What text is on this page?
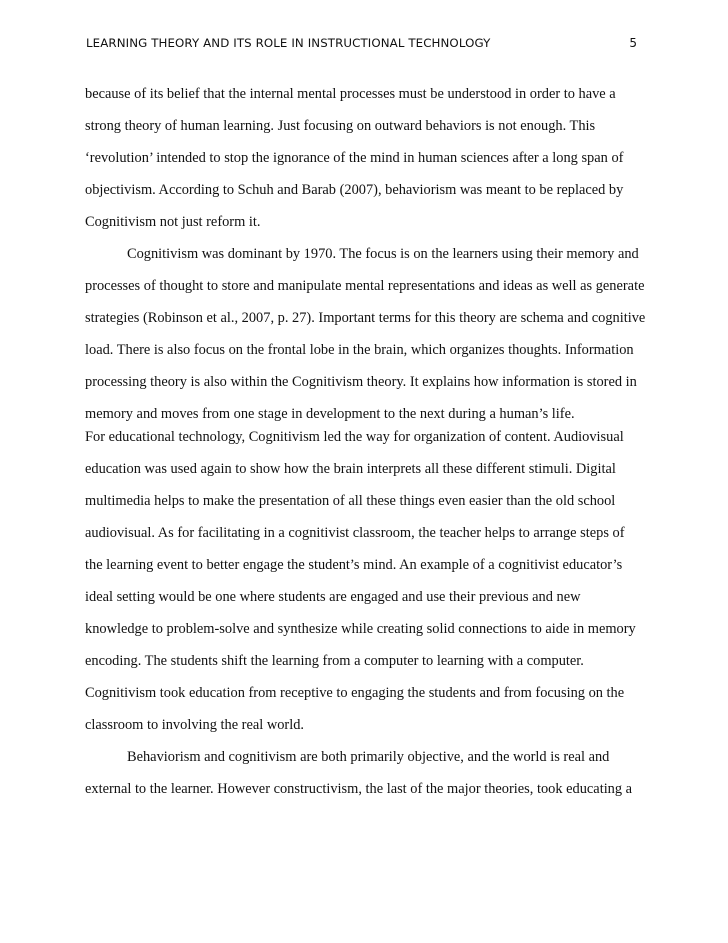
LEARNING THEORY AND ITS ROLE IN INSTRUCTIONAL TECHNOLOGY	5
because of its belief that the internal mental processes must be understood in order to have a
strong theory of human learning. Just focusing on outward behaviors is not enough. This
‘revolution’ intended to stop the ignorance of the mind in human sciences after a long span of
objectivism. According to Schuh and Barab (2007), behaviorism was meant to be replaced by
Cognitivism not just reform it.
Cognitivism was dominant by 1970. The focus is on the learners using their memory and
processes of thought to store and manipulate mental representations and ideas as well as generate
strategies (Robinson et al., 2007, p. 27). Important terms for this theory are schema and cognitive
load. There is also focus on the frontal lobe in the brain, which organizes thoughts. Information
processing theory is also within the Cognitivism theory. It explains how information is stored in
memory and moves from one stage in development to the next during a human’s life.
For educational technology, Cognitivism led the way for organization of content. Audiovisual
education was used again to show how the brain interprets all these different stimuli. Digital
multimedia helps to make the presentation of all these things even easier than the old school
audiovisual. As for facilitating in a cognitivist classroom, the teacher helps to arrange steps of
the learning event to better engage the student’s mind. An example of a cognitivist educator’s
ideal setting would be one where students are engaged and use their previous and new
knowledge to problem-solve and synthesize while creating solid connections to aide in memory
encoding. The students shift the learning from a computer to learning with a computer.
Cognitivism took education from receptive to engaging the students and from focusing on the
classroom to involving the real world.
Behaviorism and cognitivism are both primarily objective, and the world is real and
external to the learner. However constructivism, the last of the major theories, took educating a
